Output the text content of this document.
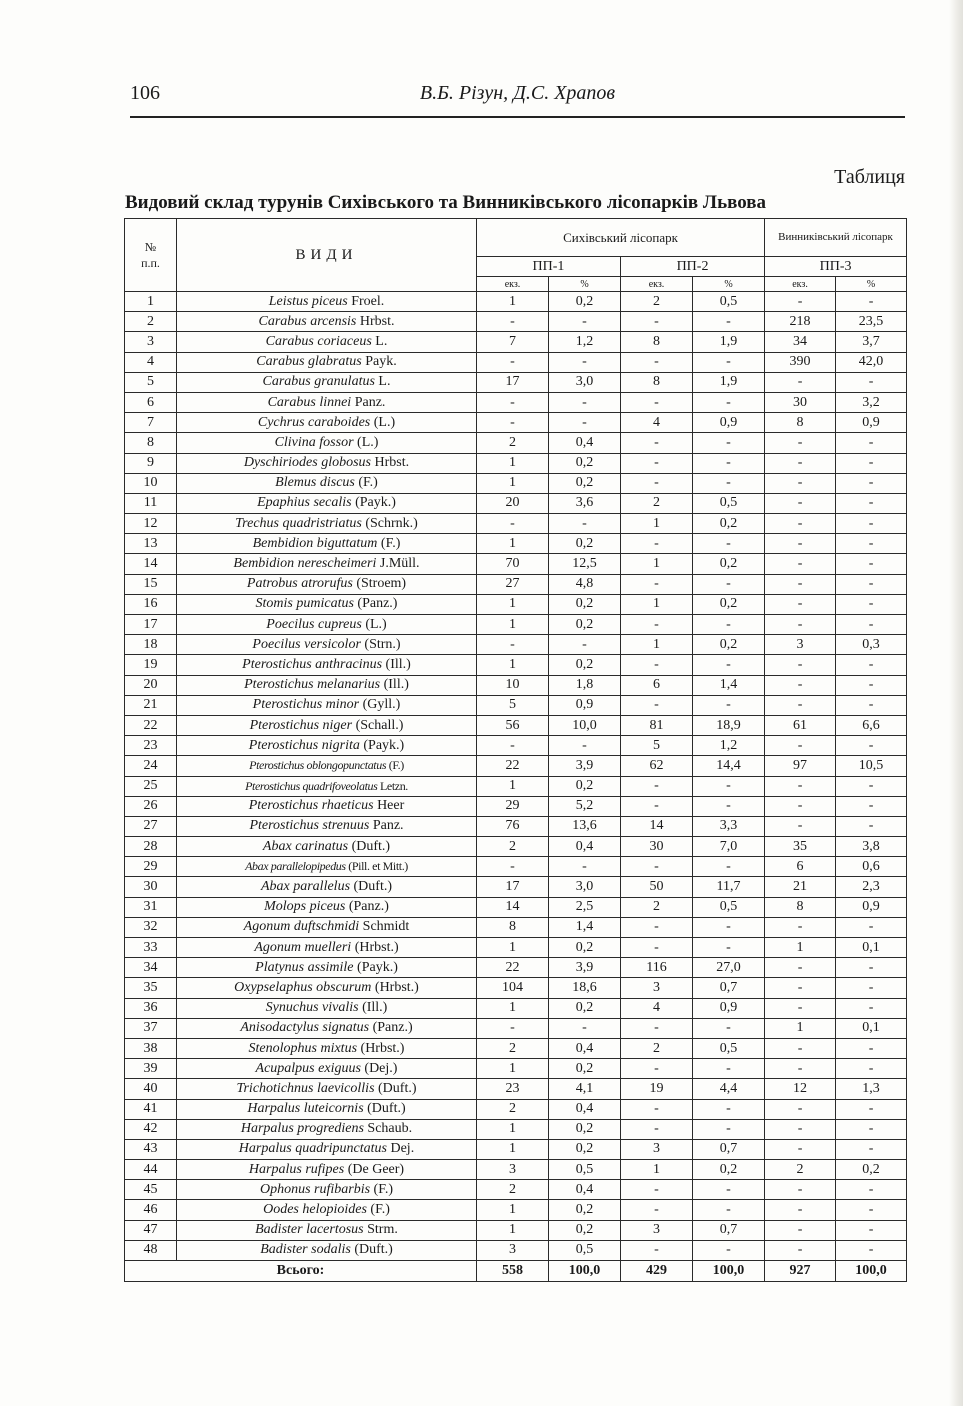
106	В.Б. Різун, Д.С. Храпов
Таблиця
Видовий склад турунів Сихівського та Винниківського лісопарків Львова
№
п.п.	ВИДИ	Сихівський лісопарк				Винниківський лісопарк	
		ПП-1		ПП-2		ПП-3	
		екз.	%	екз.	%	екз.	%
1	Leistus piceus Froel.	1	0,2	2	0,5	-	-
2	Carabus arcensis Hrbst.	-	-	-	-	218	23,5
3	Carabus coriaceus L.	7	1,2	8	1,9	34	3,7
4	Carabus glabratus Payk.	-	-	-	-	390	42,0
5	Carabus granulatus L.	17	3,0	8	1,9	-	-
6	Carabus linnei Panz.	-	-	-	-	30	3,2
7	Cychrus caraboides (L.)	-	-	4	0,9	8	0,9
8	Clivina fossor (L.)	2	0,4	-	-	-	-
9	Dyschiriodes globosus Hrbst.	1	0,2	-	-	-	-
10	Blemus discus (F.)	1	0,2	-	-	-	-
11	Epaphius secalis (Payk.)	20	3,6	2	0,5	-	-
12	Trechus quadristriatus (Schrnk.)	-	-	1	0,2	-	-
13	Bembidion biguttatum (F.)	1	0,2	-	-	-	-
14	Bembidion nerescheimeri J.Müll.	70	12,5	1	0,2	-	-
15	Patrobus atrorufus (Stroem)	27	4,8	-	-	-	-
16	Stomis pumicatus (Panz.)	1	0,2	1	0,2	-	-
17	Poecilus cupreus (L.)	1	0,2	-	-	-	-
18	Poecilus versicolor (Strn.)	-	-	1	0,2	3	0,3
19	Pterostichus anthracinus (Ill.)	1	0,2	-	-	-	-
20	Pterostichus melanarius (Ill.)	10	1,8	6	1,4	-	-
21	Pterostichus minor (Gyll.)	5	0,9	-	-	-	-
22	Pterostichus niger (Schall.)	56	10,0	81	18,9	61	6,6
23	Pterostichus nigrita (Payk.)	-	-	5	1,2	-	-
24	Pterostichus oblongopunctatus (F.)	22	3,9	62	14,4	97	10,5
25	Pterostichus quadrifoveolatus Letzn.	1	0,2	-	-	-	-
26	Pterostichus rhaeticus Heer	29	5,2	-	-	-	-
27	Pterostichus strenuus Panz.	76	13,6	14	3,3	-	-
28	Abax carinatus (Duft.)	2	0,4	30	7,0	35	3,8
29	Abax parallelopipedus (Pill. et Mitt.)	-	-	-	-	6	0,6
30	Abax parallelus (Duft.)	17	3,0	50	11,7	21	2,3
31	Molops piceus (Panz.)	14	2,5	2	0,5	8	0,9
32	Agonum duftschmidi Schmidt	8	1,4	-	-	-	-
33	Agonum muelleri (Hrbst.)	1	0,2	-	-	1	0,1
34	Platynus assimile (Payk.)	22	3,9	116	27,0	-	-
35	Oxypselaphus obscurum (Hrbst.)	104	18,6	3	0,7	-	-
36	Synuchus vivalis (Ill.)	1	0,2	4	0,9	-	-
37	Anisodactylus signatus (Panz.)	-	-	-	-	1	0,1
38	Stenolophus mixtus (Hrbst.)	2	0,4	2	0,5	-	-
39	Acupalpus exiguus (Dej.)	1	0,2	-	-	-	-
40	Trichotichnus laevicollis (Duft.)	23	4,1	19	4,4	12	1,3
41	Harpalus luteicornis (Duft.)	2	0,4	-	-	-	-
42	Harpalus progrediens Schaub.	1	0,2	-	-	-	-
43	Harpalus quadripunctatus Dej.	1	0,2	3	0,7	-	-
44	Harpalus rufipes (De Geer)	3	0,5	1	0,2	2	0,2
45	Ophonus rufibarbis (F.)	2	0,4	-	-	-	-
46	Oodes helopioides (F.)	1	0,2	-	-	-	-
47	Badister lacertosus Strm.	1	0,2	3	0,7	-	-
48	Badister sodalis (Duft.)	3	0,5	-	-	-	-
Всього:		558	100,0	429	100,0	927	100,0
